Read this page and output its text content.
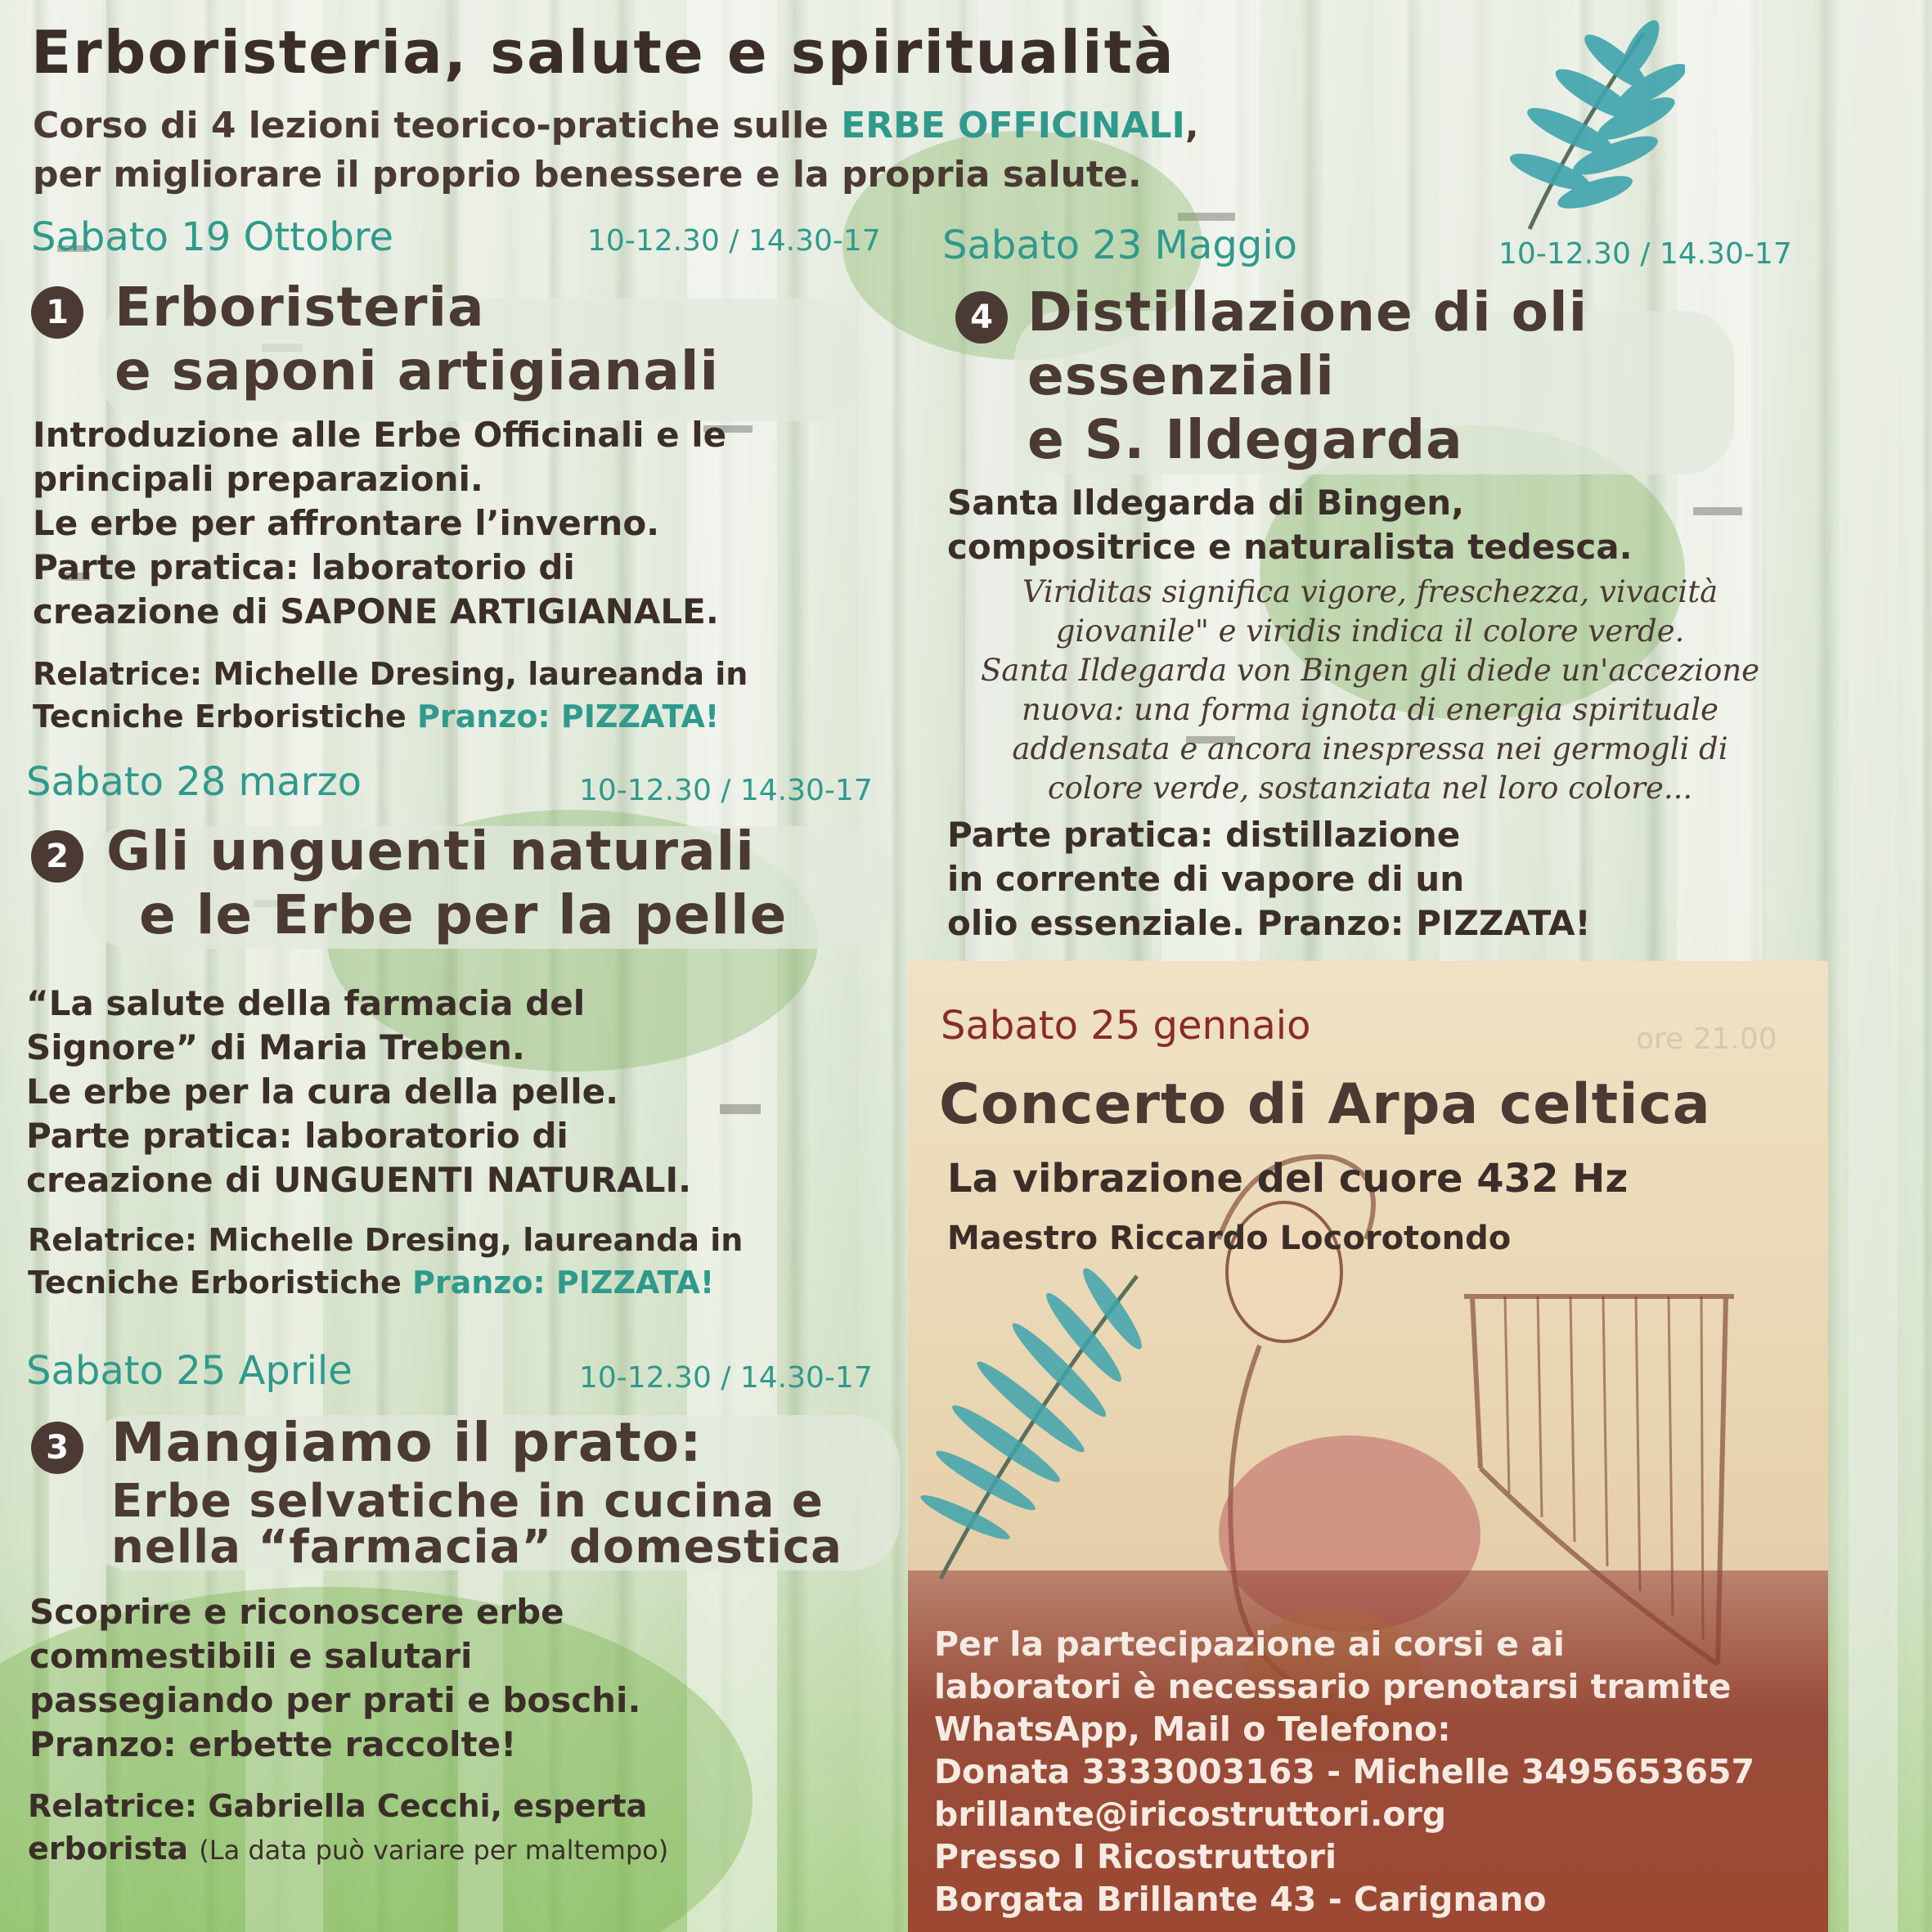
Erboristeria, salute e spiritualità
Corso di 4 lezioni teorico-pratiche sulle ERBE OFFICINALI,
per migliorare il proprio benessere e la propria salute.
Sabato 19 Ottobre	10-12.30 / 14.30-17
1 Erboristeria
e saponi artigianali
Introduzione alle Erbe Officinali e le
principali preparazioni.
Le erbe per affrontare l’inverno.
Parte pratica: laboratorio di
creazione di SAPONE ARTIGIANALE.
Relatrice: Michelle Dresing, laureanda in
Tecniche Erboristiche Pranzo: PIZZATA!
Sabato 28 marzo	10-12.30 / 14.30-17
2 Gli unguenti naturali
e le Erbe per la pelle
“La salute della farmacia del
Signore” di Maria Treben.
Le erbe per la cura della pelle.
Parte pratica: laboratorio di
creazione di UNGUENTI NATURALI.
Relatrice: Michelle Dresing, laureanda in
Tecniche Erboristiche Pranzo: PIZZATA!
Sabato 25 Aprile	10-12.30 / 14.30-17
3 Mangiamo il prato:
Erbe selvatiche in cucina e
nella “farmacia” domestica
Scoprire e riconoscere erbe
commestibili e salutari
passegiando per prati e boschi.
Pranzo: erbette raccolte!
Relatrice: Gabriella Cecchi, esperta
erborista (La data può variare per maltempo)
Sabato 23 Maggio	10-12.30 / 14.30-17
4 Distillazione di oli
essenziali
e S. Ildegarda
Santa Ildegarda di Bingen,
compositrice e naturalista tedesca.
Viriditas significa vigore, freschezza, vivacità
giovanile" e viridis indica il colore verde.
Santa Ildegarda von Bingen gli diede un'accezione
nuova: una forma ignota di energia spirituale
addensata e ancora inespressa nei germogli di
colore verde, sostanziata nel loro colore...
Parte pratica: distillazione
in corrente di vapore di un
olio essenziale. Pranzo: PIZZATA!
Sabato 25 gennaio	ore 21.00
Concerto di Arpa celtica
La vibrazione del cuore 432 Hz
Maestro Riccardo Locorotondo
Per la partecipazione ai corsi e ai
laboratori è necessario prenotarsi tramite
WhatsApp, Mail o Telefono:
Donata 3333003163 - Michelle 3495653657
brillante@iricostruttori.org
Presso I Ricostruttori
Borgata Brillante 43 - Carignano
